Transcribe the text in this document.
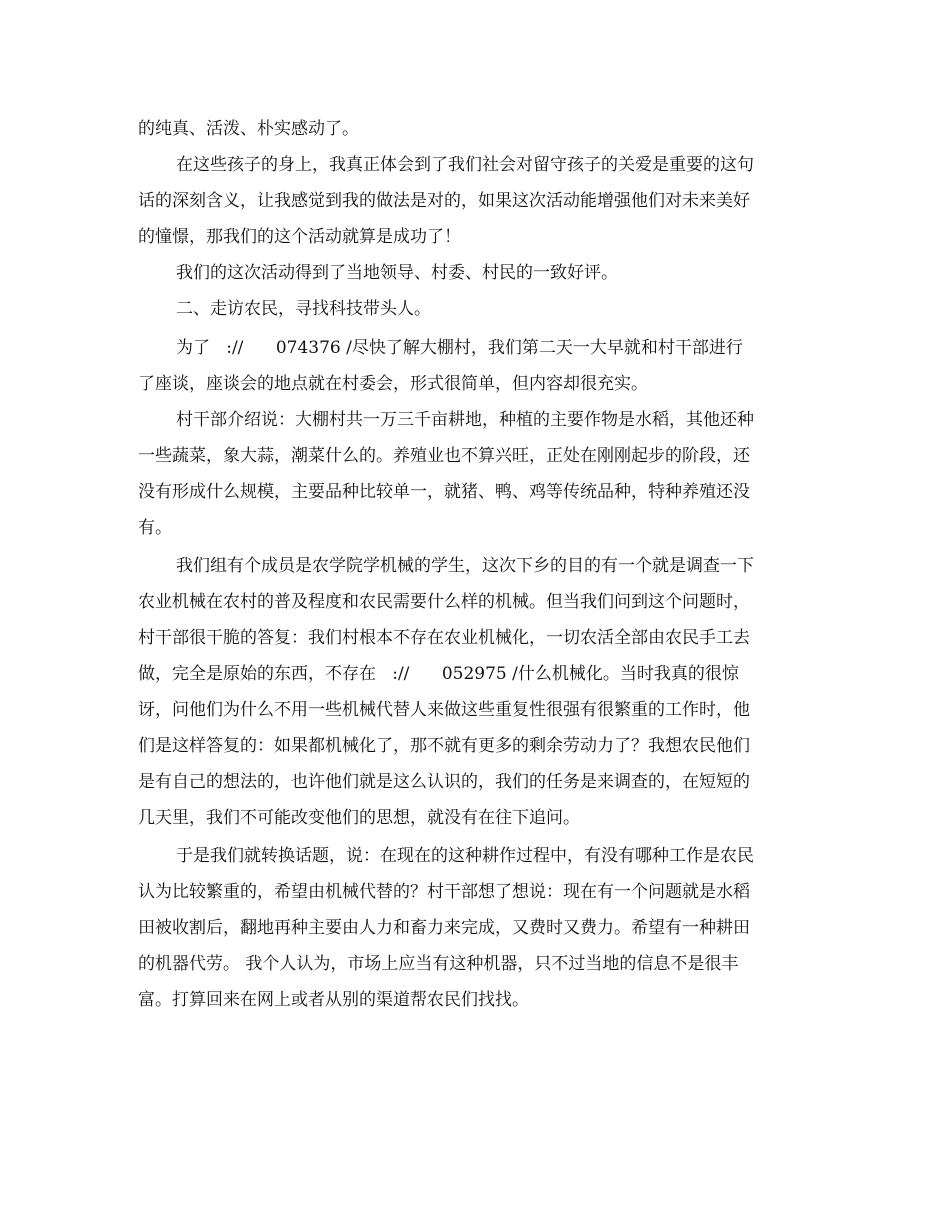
的纯真、活泼、朴实感动了。
在这些孩子的身上，我真正体会到了我们社会对留守孩子的关爱是重要的这句
话的深刻含义，让我感觉到我的做法是对的，如果这次活动能增强他们对未来美好
的憧憬，那我们的这个活动就算是成功了！
我们的这次活动得到了当地领导、村委、村民的一致好评。
二、走访农民，寻找科技带头人。
为了   ://      074376 /尽快了解大棚村，我们第二天一大早就和村干部进行
了座谈，座谈会的地点就在村委会，形式很简单，但内容却很充实。
村干部介绍说：大棚村共一万三千亩耕地，种植的主要作物是水稻，其他还种
一些蔬菜，象大蒜，潮菜什么的。养殖业也不算兴旺，正处在刚刚起步的阶段，还
没有形成什么规模，主要品种比较单一，就猪、鸭、鸡等传统品种，特种养殖还没
有。
我们组有个成员是农学院学机械的学生，这次下乡的目的有一个就是调查一下
农业机械在农村的普及程度和农民需要什么样的机械。但当我们问到这个问题时，
村干部很干脆的答复：我们村根本不存在农业机械化，一切农活全部由农民手工去
做，完全是原始的东西，不存在   ://      052975 /什么机械化。当时我真的很惊
讶，问他们为什么不用一些机械代替人来做这些重复性很强有很繁重的工作时，他
们是这样答复的：如果都机械化了，那不就有更多的剩余劳动力了？我想农民他们
是有自己的想法的，也许他们就是这么认识的，我们的任务是来调查的，在短短的
几天里，我们不可能改变他们的思想，就没有在往下追问。
于是我们就转换话题，说：在现在的这种耕作过程中，有没有哪种工作是农民
认为比较繁重的，希望由机械代替的？村干部想了想说：现在有一个问题就是水稻
田被收割后，翻地再种主要由人力和畜力来完成，又费时又费力。希望有一种耕田
的机器代劳。 我个人认为，市场上应当有这种机器，只不过当地的信息不是很丰
富。打算回来在网上或者从别的渠道帮农民们找找。
